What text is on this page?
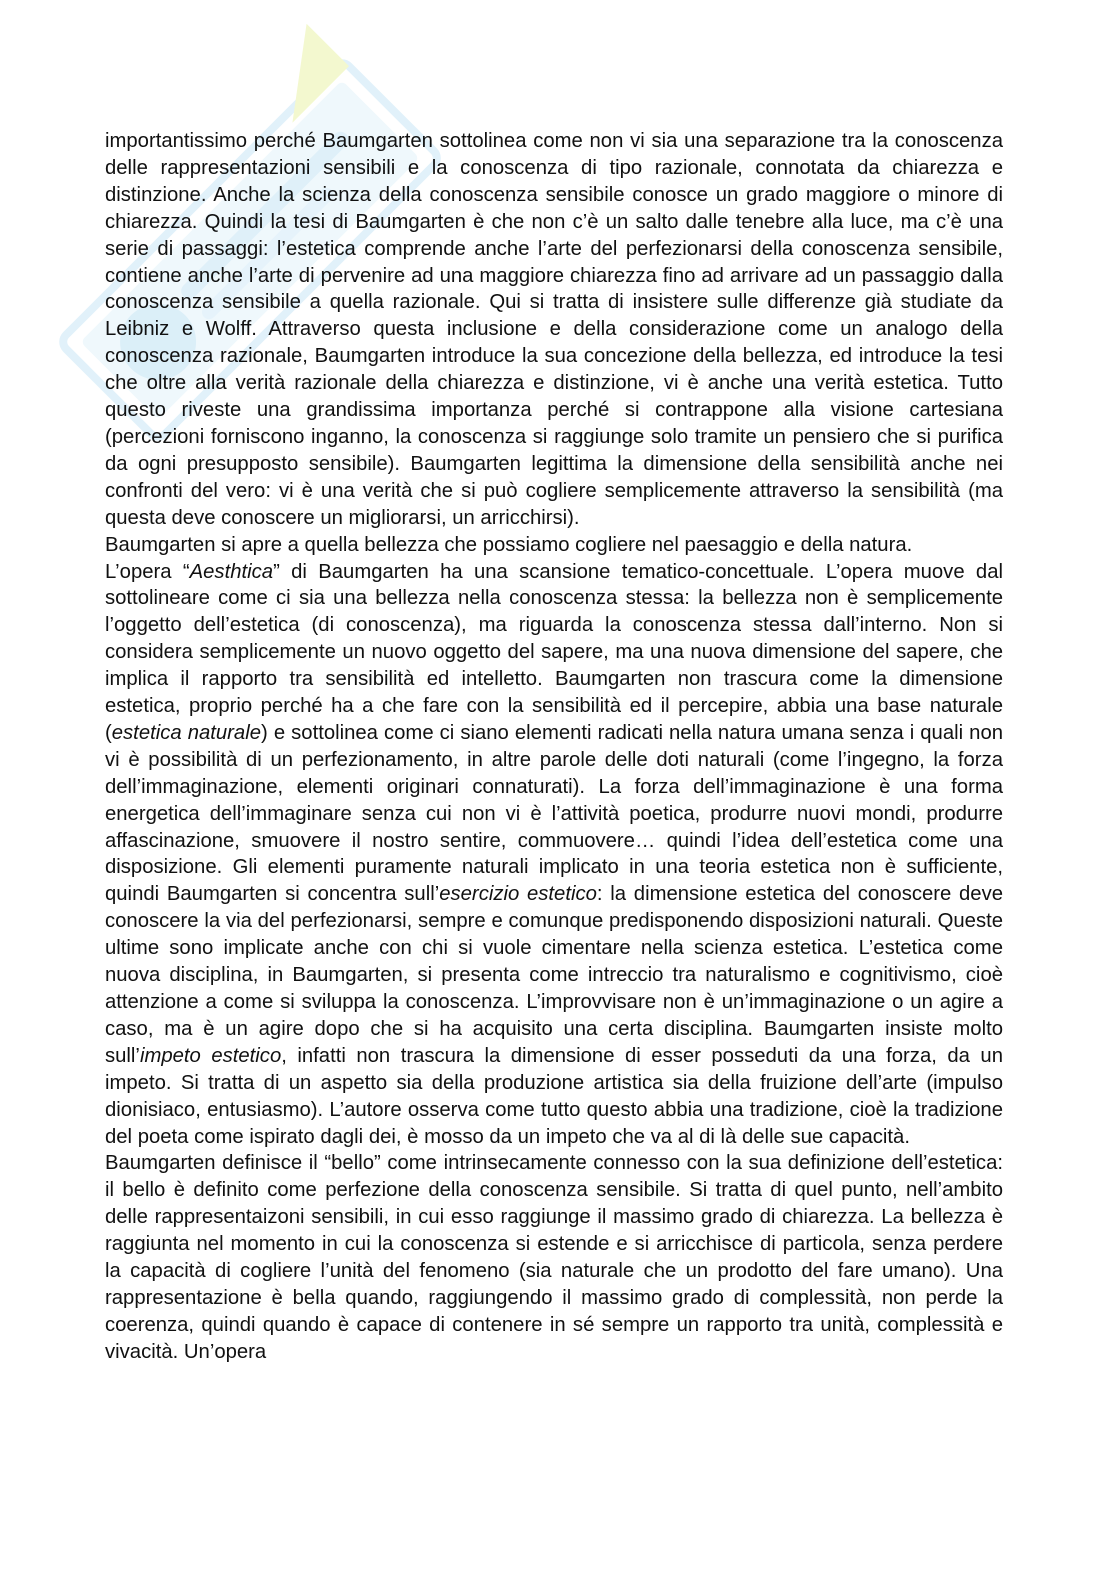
importantissimo perché Baumgarten sottolinea come non vi sia una separazione tra la conoscenza delle rappresentazioni sensibili e la conoscenza di tipo razionale, connotata da chiarezza e distinzione. Anche la scienza della conoscenza sensibile conosce un grado maggiore o minore di chiarezza. Quindi la tesi di Baumgarten è che non c’è un salto dalle tenebre alla luce, ma c’è una serie di passaggi: l’estetica comprende anche l’arte del perfezionarsi della conoscenza sensibile, contiene anche l’arte di pervenire ad una maggiore chiarezza fino ad arrivare ad un passaggio dalla conoscenza sensibile a quella razionale. Qui si tratta di insistere sulle differenze già studiate da Leibniz e Wolff. Attraverso questa inclusione e della considerazione come un analogo della conoscenza razionale, Baumgarten introduce la sua concezione della bellezza, ed introduce la tesi che oltre alla verità razionale della chiarezza e distinzione, vi è anche una verità estetica. Tutto questo riveste una grandissima importanza perché si contrappone alla visione cartesiana (percezioni forniscono inganno, la conoscenza si raggiunge solo tramite un pensiero che si purifica da ogni presupposto sensibile). Baumgarten legittima la dimensione della sensibilità anche nei confronti del vero: vi è una verità che si può cogliere semplicemente attraverso la sensibilità (ma questa deve conoscere un migliorarsi, un arricchirsi).

Baumgarten si apre a quella bellezza che possiamo cogliere nel paesaggio e della natura.

L’opera “Aesthtica” di Baumgarten ha una scansione tematico-concettuale. L’opera muove dal sottolineare come ci sia una bellezza nella conoscenza stessa: la bellezza non è semplicemente l’oggetto dell’estetica (di conoscenza), ma riguarda la conoscenza stessa dall’interno. Non si considera semplicemente un nuovo oggetto del sapere, ma una nuova dimensione del sapere, che implica il rapporto tra sensibilità ed intelletto. Baumgarten non trascura come la dimensione estetica, proprio perché ha a che fare con la sensibilità ed il percepire, abbia una base naturale (estetica naturale) e sottolinea come ci siano elementi radicati nella natura umana senza i quali non vi è possibilità di un perfezionamento, in altre parole delle doti naturali (come l’ingegno, la forza dell’immaginazione, elementi originari connaturati). La forza dell’immaginazione è una forma energetica dell’immaginare senza cui non vi è l’attività poetica, produrre nuovi mondi, produrre affascinazione, smuovere il nostro sentire, commuovere… quindi l’idea dell’estetica come una disposizione. Gli elementi puramente naturali implicato in una teoria estetica non è sufficiente, quindi Baumgarten si concentra sull’esercizio estetico: la dimensione estetica del conoscere deve conoscere la via del perfezionarsi, sempre e comunque predisponendo disposizioni naturali. Queste ultime sono implicate anche con chi si vuole cimentare nella scienza estetica. L’estetica come nuova disciplina, in Baumgarten, si presenta come intreccio tra naturalismo e cognitivismo, cioè attenzione a come si sviluppa la conoscenza. L’improvvisare non è un’immaginazione o un agire a caso, ma è un agire dopo che si ha acquisito una certa disciplina. Baumgarten insiste molto sull’impeto estetico, infatti non trascura la dimensione di esser posseduti da una forza, da un impeto. Si tratta di un aspetto sia della produzione artistica sia della fruizione dell’arte (impulso dionisiaco, entusiasmo). L’autore osserva come tutto questo abbia una tradizione, cioè la tradizione del poeta come ispirato dagli dei, è mosso da un impeto che va al di là delle sue capacità.

Baumgarten definisce il “bello” come intrinsecamente connesso con la sua definizione dell’estetica: il bello è definito come perfezione della conoscenza sensibile. Si tratta di quel punto, nell’ambito delle rappresentaizoni sensibili, in cui esso raggiunge il massimo grado di chiarezza. La bellezza è raggiunta nel momento in cui la conoscenza si estende e si arricchisce di particola, senza perdere la capacità di cogliere l’unità del fenomeno (sia naturale che un prodotto del fare umano). Una rappresentazione è bella quando, raggiungendo il massimo grado di complessità, non perde la coerenza, quindi quando è capace di contenere in sé sempre un rapporto tra unità, complessità e vivacità. Un’opera
